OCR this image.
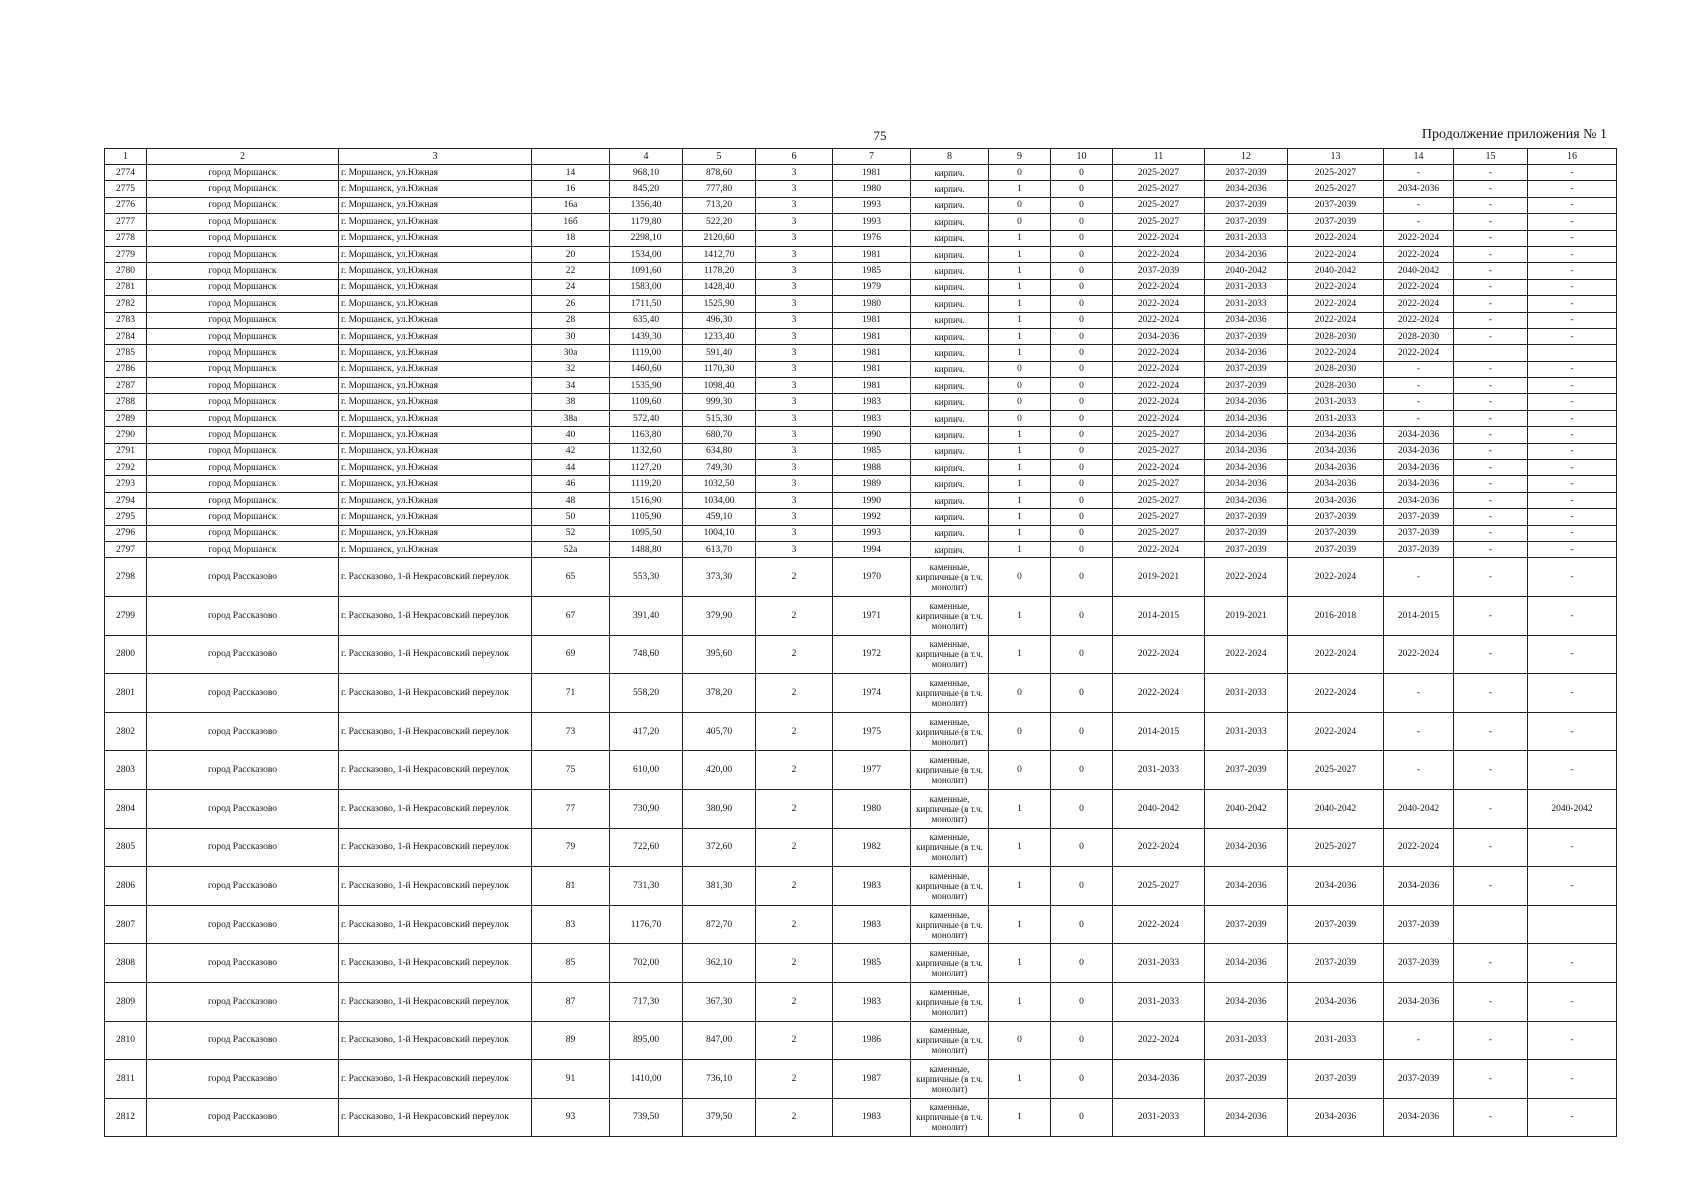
75	Продолжение приложения № 1
1	2	3		4	5	6	7	8	9	10	11	12	13	14	15	16
2774	город Моршанск	г. Моршанск, ул.Южная	14	968,10	878,60	3	1981	кирпич.	0	0	2025-2027	2037-2039	2025-2027	-	-	-
2775	город Моршанск	г. Моршанск, ул.Южная	16	845,20	777,80	3	1980	кирпич.	1	0	2025-2027	2034-2036	2025-2027	2034-2036	-	-
2776	город Моршанск	г. Моршанск, ул.Южная	16а	1356,40	713,20	3	1993	кирпич.	0	0	2025-2027	2037-2039	2037-2039	-	-	-
2777	город Моршанск	г. Моршанск, ул.Южная	16б	1179,80	522,20	3	1993	кирпич.	0	0	2025-2027	2037-2039	2037-2039	-	-	-
2778	город Моршанск	г. Моршанск, ул.Южная	18	2298,10	2120,60	3	1976	кирпич.	1	0	2022-2024	2031-2033	2022-2024	2022-2024	-	-
2779	город Моршанск	г. Моршанск, ул.Южная	20	1534,00	1412,70	3	1981	кирпич.	1	0	2022-2024	2034-2036	2022-2024	2022-2024	-	-
2780	город Моршанск	г. Моршанск, ул.Южная	22	1091,60	1178,20	3	1985	кирпич.	1	0	2037-2039	2040-2042	2040-2042	2040-2042	-	-
2781	город Моршанск	г. Моршанск, ул.Южная	24	1583,00	1428,40	3	1979	кирпич.	1	0	2022-2024	2031-2033	2022-2024	2022-2024	-	-
2782	город Моршанск	г. Моршанск, ул.Южная	26	1711,50	1525,90	3	1980	кирпич.	1	0	2022-2024	2031-2033	2022-2024	2022-2024	-	-
2783	город Моршанск	г. Моршанск, ул.Южная	28	635,40	496,30	3	1981	кирпич.	1	0	2022-2024	2034-2036	2022-2024	2022-2024	-	-
2784	город Моршанск	г. Моршанск, ул.Южная	30	1439,30	1233,40	3	1981	кирпич.	1	0	2034-2036	2037-2039	2028-2030	2028-2030	-	-
2785	город Моршанск	г. Моршанск, ул.Южная	30а	1119,00	591,40	3	1981	кирпич.	1	0	2022-2024	2034-2036	2022-2024	2022-2024		
2786	город Моршанск	г. Моршанск, ул.Южная	32	1460,60	1170,30	3	1981	кирпич.	0	0	2022-2024	2037-2039	2028-2030	-	-	-
2787	город Моршанск	г. Моршанск, ул.Южная	34	1535,90	1098,40	3	1981	кирпич.	0	0	2022-2024	2037-2039	2028-2030	-	-	-
2788	город Моршанск	г. Моршанск, ул.Южная	38	1109,60	999,30	3	1983	кирпич.	0	0	2022-2024	2034-2036	2031-2033	-	-	-
2789	город Моршанск	г. Моршанск, ул.Южная	38а	572,40	515,30	3	1983	кирпич.	0	0	2022-2024	2034-2036	2031-2033	-	-	-
2790	город Моршанск	г. Моршанск, ул.Южная	40	1163,80	680,70	3	1990	кирпич.	1	0	2025-2027	2034-2036	2034-2036	2034-2036	-	-
2791	город Моршанск	г. Моршанск, ул.Южная	42	1132,60	634,80	3	1985	кирпич.	1	0	2025-2027	2034-2036	2034-2036	2034-2036	-	-
2792	город Моршанск	г. Моршанск, ул.Южная	44	1127,20	749,30	3	1988	кирпич.	1	0	2022-2024	2034-2036	2034-2036	2034-2036	-	-
2793	город Моршанск	г. Моршанск, ул.Южная	46	1119,20	1032,50	3	1989	кирпич.	1	0	2025-2027	2034-2036	2034-2036	2034-2036	-	-
2794	город Моршанск	г. Моршанск, ул.Южная	48	1516,90	1034,00	3	1990	кирпич.	1	0	2025-2027	2034-2036	2034-2036	2034-2036	-	-
2795	город Моршанск	г. Моршанск, ул.Южная	50	1105,90	459,10	3	1992	кирпич.	1	0	2025-2027	2037-2039	2037-2039	2037-2039	-	-
2796	город Моршанск	г. Моршанск, ул.Южная	52	1095,50	1004,10	3	1993	кирпич.	1	0	2025-2027	2037-2039	2037-2039	2037-2039	-	-
2797	город Моршанск	г. Моршанск, ул.Южная	52а	1488,80	613,70	3	1994	кирпич.	1	0	2022-2024	2037-2039	2037-2039	2037-2039	-	-
2798	город Рассказово	г. Рассказово, 1-й Некрасовский переулок	65	553,30	373,30	2	1970	каменные, кирпичные (в т.ч. монолит)	0	0	2019-2021	2022-2024	2022-2024	-	-	-
2799	город Рассказово	г. Рассказово, 1-й Некрасовский переулок	67	391,40	379,90	2	1971	каменные, кирпичные (в т.ч. монолит)	1	0	2014-2015	2019-2021	2016-2018	2014-2015	-	-
2800	город Рассказово	г. Рассказово, 1-й Некрасовский переулок	69	748,60	395,60	2	1972	каменные, кирпичные (в т.ч. монолит)	1	0	2022-2024	2022-2024	2022-2024	2022-2024	-	-
2801	город Рассказово	г. Рассказово, 1-й Некрасовский переулок	71	558,20	378,20	2	1974	каменные, кирпичные (в т.ч. монолит)	0	0	2022-2024	2031-2033	2022-2024	-	-	-
2802	город Рассказово	г. Рассказово, 1-й Некрасовский переулок	73	417,20	405,70	2	1975	каменные, кирпичные (в т.ч. монолит)	0	0	2014-2015	2031-2033	2022-2024	-	-	-
2803	город Рассказово	г. Рассказово, 1-й Некрасовский переулок	75	610,00	420,00	2	1977	каменные, кирпичные (в т.ч. монолит)	0	0	2031-2033	2037-2039	2025-2027	-	-	-
2804	город Рассказово	г. Рассказово, 1-й Некрасовский переулок	77	730,90	380,90	2	1980	каменные, кирпичные (в т.ч. монолит)	1	0	2040-2042	2040-2042	2040-2042	2040-2042	-	2040-2042
2805	город Рассказово	г. Рассказово, 1-й Некрасовский переулок	79	722,60	372,60	2	1982	каменные, кирпичные (в т.ч. монолит)	1	0	2022-2024	2034-2036	2025-2027	2022-2024	-	-
2806	город Рассказово	г. Рассказово, 1-й Некрасовский переулок	81	731,30	381,30	2	1983	каменные, кирпичные (в т.ч. монолит)	1	0	2025-2027	2034-2036	2034-2036	2034-2036	-	-
2807	город Рассказово	г. Рассказово, 1-й Некрасовский переулок	83	1176,70	872,70	2	1983	каменные, кирпичные (в т.ч. монолит)	1	0	2022-2024	2037-2039	2037-2039	2037-2039		
2808	город Рассказово	г. Рассказово, 1-й Некрасовский переулок	85	702,00	362,10	2	1985	каменные, кирпичные (в т.ч. монолит)	1	0	2031-2033	2034-2036	2037-2039	2037-2039	-	-
2809	город Рассказово	г. Рассказово, 1-й Некрасовский переулок	87	717,30	367,30	2	1983	каменные, кирпичные (в т.ч. монолит)	1	0	2031-2033	2034-2036	2034-2036	2034-2036	-	-
2810	город Рассказово	г. Рассказово, 1-й Некрасовский переулок	89	895,00	847,00	2	1986	каменные, кирпичные (в т.ч. монолит)	0	0	2022-2024	2031-2033	2031-2033	-	-	-
2811	город Рассказово	г. Рассказово, 1-й Некрасовский переулок	91	1410,00	736,10	2	1987	каменные, кирпичные (в т.ч. монолит)	1	0	2034-2036	2037-2039	2037-2039	2037-2039	-	-
2812	город Рассказово	г. Рассказово, 1-й Некрасовский переулок	93	739,50	379,50	2	1983	каменные, кирпичные (в т.ч. монолит)	1	0	2031-2033	2034-2036	2034-2036	2034-2036	-	-
